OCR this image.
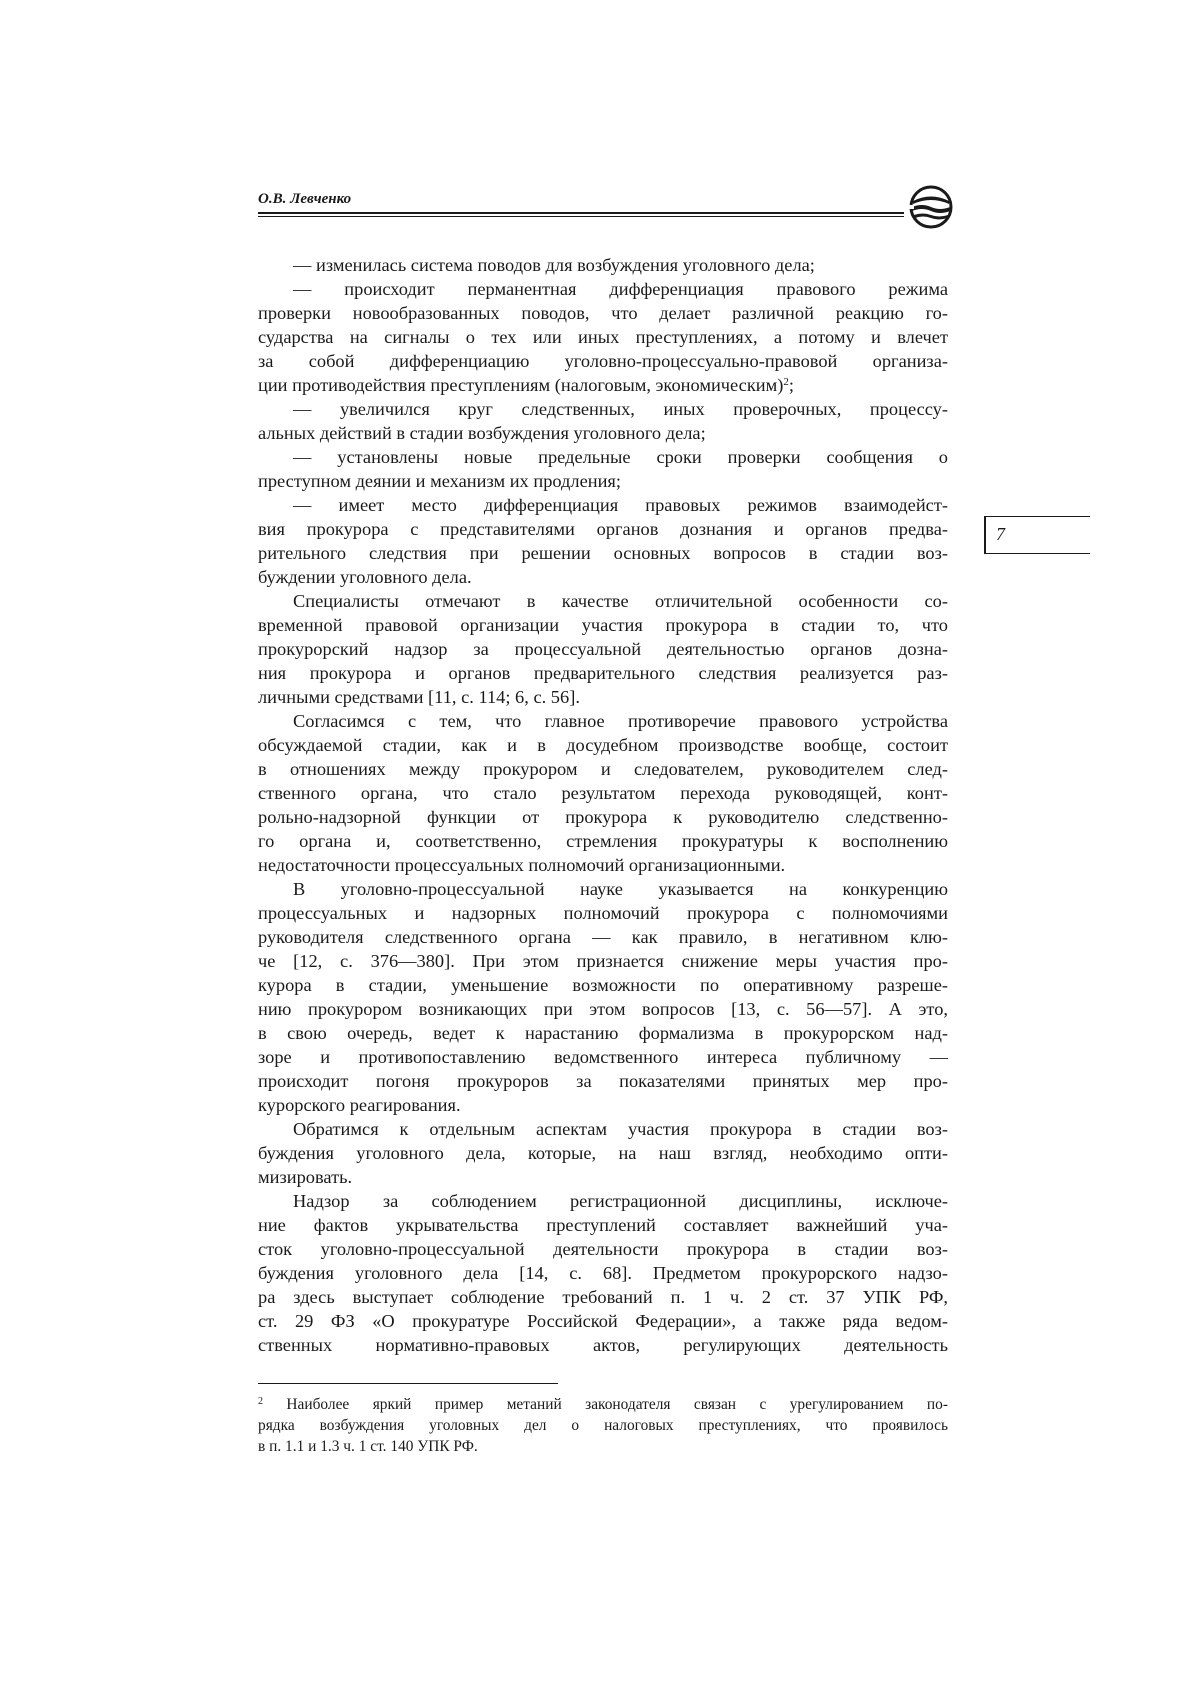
О.В. Левченко
7
— изменилась система поводов для возбуждения уголовного дела;
— происходит перманентная дифференциация правового режима
проверки новообразованных поводов, что делает различной реакцию го-
сударства на сигналы о тех или иных преступлениях, а потому и влечет
за собой дифференциацию уголовно-процессуально-правовой организа-
ции противодействия преступлениям (налоговым, экономическим)$^2$;
— увеличился круг следственных, иных проверочных, процессу-
альных действий в стадии возбуждения уголовного дела;
— установлены новые предельные сроки проверки сообщения о
преступном деянии и механизм их продления;
— имеет место дифференциация правовых режимов взаимодейст-
вия прокурора с представителями органов дознания и органов предва-
рительного следствия при решении основных вопросов в стадии воз-
буждении уголовного дела.
Специалисты отмечают в качестве отличительной особенности со-
временной правовой организации участия прокурора в стадии то, что
прокурорский надзор за процессуальной деятельностью органов дозна-
ния прокурора и органов предварительного следствия реализуется раз-
личными средствами [11, с. 114; 6, с. 56].
Согласимся с тем, что главное противоречие правового устройства
обсуждаемой стадии, как и в досудебном производстве вообще, состоит
в отношениях между прокурором и следователем, руководителем след-
ственного органа, что стало результатом перехода руководящей, конт-
рольно-надзорной функции от прокурора к руководителю следственно-
го органа и, соответственно, стремления прокуратуры к восполнению
недостаточности процессуальных полномочий организационными.
В уголовно-процессуальной науке указывается на конкуренцию
процессуальных и надзорных полномочий прокурора с полномочиями
руководителя следственного органа — как правило, в негативном клю-
че [12, с. 376—380]. При этом признается снижение меры участия про-
курора в стадии, уменьшение возможности по оперативному разреше-
нию прокурором возникающих при этом вопросов [13, с. 56—57]. А это,
в свою очередь, ведет к нарастанию формализма в прокурорском над-
зоре и противопоставлению ведомственного интереса публичному —
происходит погоня прокуроров за показателями принятых мер про-
курорского реагирования.
Обратимся к отдельным аспектам участия прокурора в стадии воз-
буждения уголовного дела, которые, на наш взгляд, необходимо опти-
мизировать.
Надзор за соблюдением регистрационной дисциплины, исключе-
ние фактов укрывательства преступлений составляет важнейший уча-
сток уголовно-процессуальной деятельности прокурора в стадии воз-
буждения уголовного дела [14, с. 68]. Предметом прокурорского надзо-
ра здесь выступает соблюдение требований п. 1 ч. 2 ст. 37 УПК РФ,
ст. 29 ФЗ «О прокуратуре Российской Федерации», а также ряда ведом-
ственных нормативно-правовых актов, регулирующих деятельность
$^2$ Наиболее яркий пример метаний законодателя связан с урегулированием по-
рядка возбуждения уголовных дел о налоговых преступлениях, что проявилось
в п. 1.1 и 1.3 ч. 1 ст. 140 УПК РФ.
